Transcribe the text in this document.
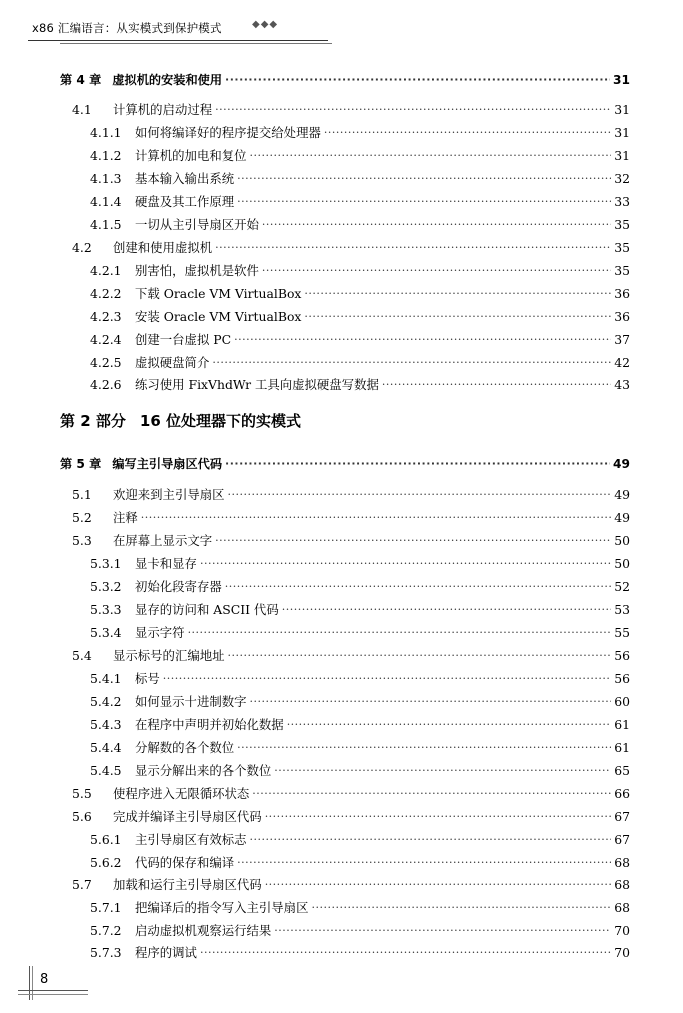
x86 汇编语言：从实模式到保护模式	◆◆◆
第 4 章 虚拟机的安装和使用 ·····	31
4.1	计算机的启动过程 ·····	31
4.1.1	如何将编译好的程序提交给处理器 ·····	31
4.1.2	计算机的加电和复位 ·····	31
4.1.3	基本输入输出系统 ·····	32
4.1.4	硬盘及其工作原理 ·····	33
4.1.5	一切从主引导扇区开始 ·····	35
4.2	创建和使用虚拟机 ·····	35
4.2.1	别害怕，虚拟机是软件 ·····	35
4.2.2	下载 Oracle VM VirtualBox ·····	36
4.2.3	安装 Oracle VM VirtualBox ·····	36
4.2.4	创建一台虚拟 PC ·····	37
4.2.5	虚拟硬盘简介 ·····	42
4.2.6	练习使用 FixVhdWr 工具向虚拟硬盘写数据 ·····	43
第 2 部分 16 位处理器下的实模式
第 5 章 编写主引导扇区代码 ·····	49
5.1	欢迎来到主引导扇区 ·····	49
5.2	注释 ·····	49
5.3	在屏幕上显示文字 ·····	50
5.3.1	显卡和显存 ·····	50
5.3.2	初始化段寄存器 ·····	52
5.3.3	显存的访问和 ASCII 代码 ·····	53
5.3.4	显示字符 ·····	55
5.4	显示标号的汇编地址 ·····	56
5.4.1	标号 ·····	56
5.4.2	如何显示十进制数字 ·····	60
5.4.3	在程序中声明并初始化数据 ·····	61
5.4.4	分解数的各个数位 ·····	61
5.4.5	显示分解出来的各个数位 ·····	65
5.5	使程序进入无限循环状态 ·····	66
5.6	完成并编译主引导扇区代码 ·····	67
5.6.1	主引导扇区有效标志 ·····	67
5.6.2	代码的保存和编译 ·····	68
5.7	加载和运行主引导扇区代码 ·····	68
5.7.1	把编译后的指令写入主引导扇区 ·····	68
5.7.2	启动虚拟机观察运行结果 ·····	70
5.7.3	程序的调试 ·····	70
8
